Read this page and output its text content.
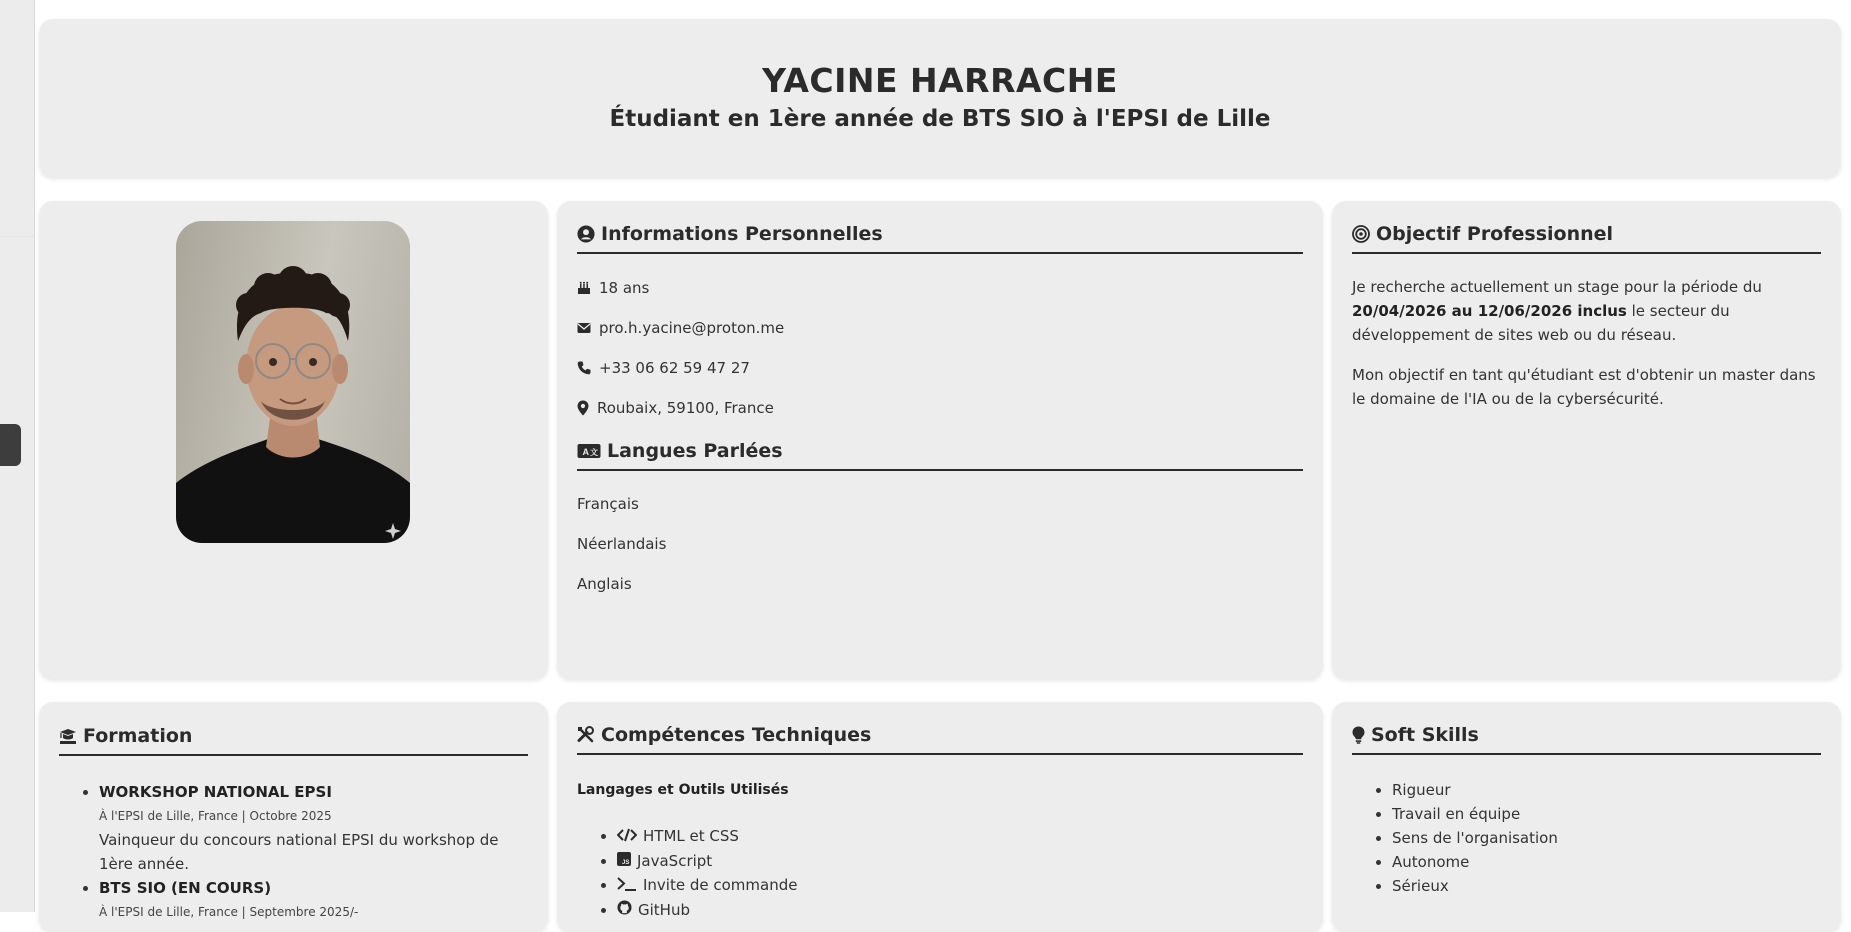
YACINE HARRACHE
Étudiant en 1ère année de BTS SIO à l'EPSI de Lille
Informations Personnelles
18 ans
pro.h.yacine@proton.me
+33 06 62 59 47 27
Roubaix, 59100, France
A 文 Langues Parlées
Français
Néerlandais
Anglais
Objectif Professionnel
Je recherche actuellement un stage pour la période du 20/04/2026 au 12/06/2026 inclus le secteur du développement de sites web ou du réseau.
Mon objectif en tant qu'étudiant est d'obtenir un master dans le domaine de l'IA ou de la cybersécurité.
Formation
• WORKSHOP NATIONAL EPSI
À l'EPSI de Lille, France | Octobre 2025
Vainqueur du concours national EPSI du workshop de 1ère année.
• BTS SIO (EN COURS)
À l'EPSI de Lille, France | Septembre 2025/-
Compétences Techniques
Langages et Outils Utilisés
• HTML et CSS
• JS JavaScript
• Invite de commande
• GitHub
Soft Skills
• Rigueur
• Travail en équipe
• Sens de l'organisation
• Autonome
• Sérieux
